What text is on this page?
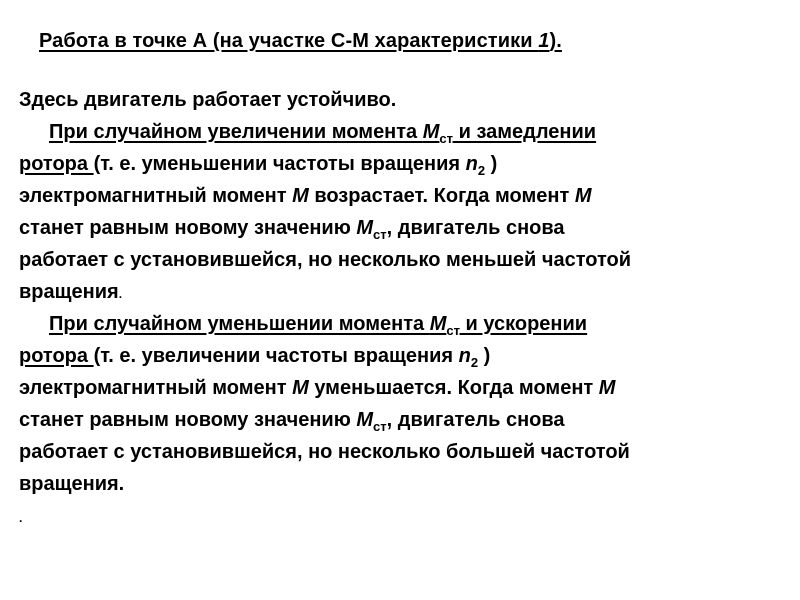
Работа в точке А (на участке С-М характеристики 1).
Здесь двигатель работает устойчиво.
При случайном увеличении момента $М_{ст}$ и замедлении
ротора (т. е. уменьшении частоты вращения $n_2$ )
электромагнитный момент М возрастает. Когда момент М
станет равным новому значению $М_{ст}$, двигатель снова
работает с установившейся, но несколько меньшей частотой
вращения.
При случайном уменьшении момента $М_{ст}$ и ускорении
ротора (т. е. увеличении частоты вращения $n_2$ )
электромагнитный момент М уменьшается. Когда момент М
станет равным новому значению $М_{ст}$, двигатель снова
работает с установившейся, но несколько большей частотой
вращения.
.
